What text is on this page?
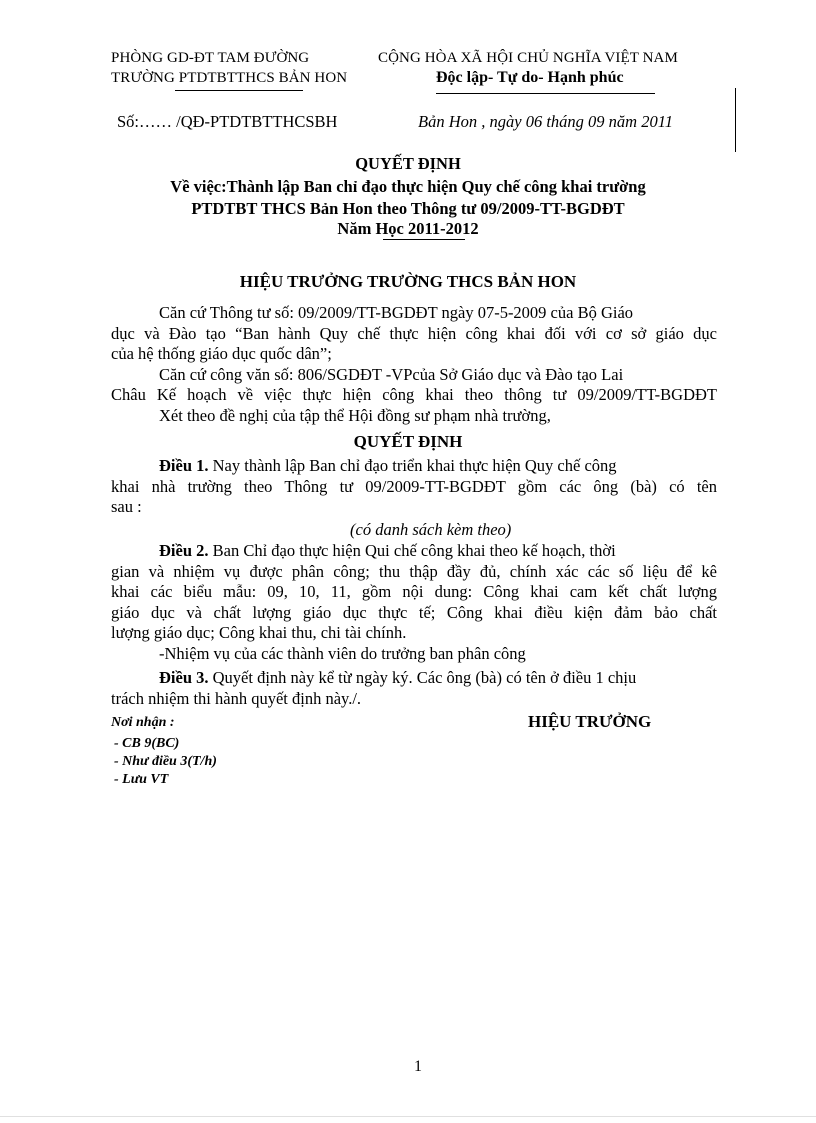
PHÒNG GD-ĐT TAM ĐƯỜNG
TRƯỜNG PTDTBTTHCS BẢN HON
CỘNG HÒA XÃ HỘI CHỦ NGHĨA VIỆT NAM
Độc lập- Tự do- Hạnh phúc
Số:…… /QĐ-PTDTBTTHCSBH	Bản Hon , ngày 06 tháng 09 năm 2011
QUYẾT ĐỊNH
Về việc:Thành lập Ban chỉ đạo thực hiện Quy chế công khai trường
PTDTBT THCS Bản Hon theo Thông tư 09/2009-TT-BGDĐT
Năm Học 2011-2012
HIỆU TRƯỞNG TRƯỜNG THCS BẢN HON
Căn cứ Thông tư số: 09/2009/TT-BGDĐT ngày 07-5-2009 của Bộ Giáo
dục và Đào tạo “Ban hành Quy chế thực hiện công khai đối với cơ sở giáo dục
của hệ thống giáo dục quốc dân”;
Căn cứ công văn số: 806/SGDĐT -VPcủa Sở Giáo dục và Đào tạo Lai
Châu Kế hoạch về việc thực hiện công khai theo thông tư 09/2009/TT-BGDĐT
Xét theo đề nghị của tập thể Hội đồng sư phạm nhà trường,
QUYẾT ĐỊNH
Điều 1. Nay thành lập Ban chỉ đạo triển khai thực hiện Quy chế công
khai nhà trường theo Thông tư 09/2009-TT-BGDĐT gồm các ông (bà) có tên
sau :
(có danh sách kèm theo)
Điều 2. Ban Chỉ đạo thực hiện Qui chế công khai theo kế hoạch, thời
gian và nhiệm vụ được phân công; thu thập đầy đủ, chính xác các số liệu để kê
khai các biểu mẫu: 09, 10, 11, gồm nội dung: Công khai cam kết chất lượng
giáo dục và chất lượng giáo dục thực tế; Công khai điều kiện đảm bảo chất
lượng giáo dục; Công khai thu, chi tài chính.
-Nhiệm vụ của các thành viên do trưởng ban phân công
Điều 3. Quyết định này kể từ ngày ký. Các ông (bà) có tên ở điều 1 chịu
trách nhiệm thi hành quyết định này./.
Nơi nhận :
- CB 9(BC)
- Như điều 3(T/h)
- Lưu VT
HIỆU TRƯỞNG
1
